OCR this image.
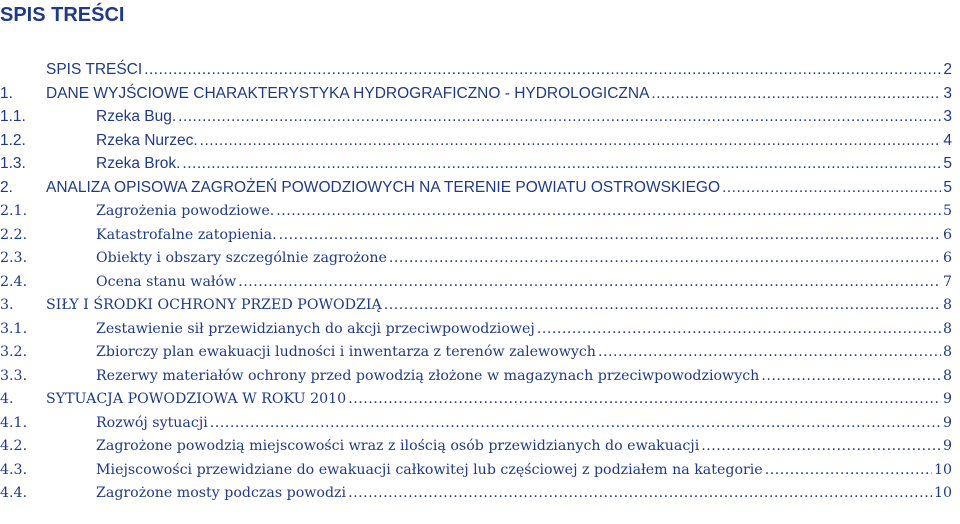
SPIS TREŚCI
SPIS TREŚCI .....	2
1.	DANE WYJŚCIOWE CHARAKTERYSTYKA HYDROGRAFICZNO - HYDROLOGICZNA .....	3
1.1.	Rzeka Bug. .....	3
1.2.	Rzeka Nurzec. .....	4
1.3.	Rzeka Brok. .....	5
2.	ANALIZA OPISOWA ZAGROŻEŃ POWODZIOWYCH NA TERENIE POWIATU OSTROWSKIEGO .....	5
2.1.	Zagrożenia powodziowe. .....	5
2.2.	Katastrofalne zatopienia. .....	6
2.3.	Obiekty i obszary szczególnie zagrożone .....	6
2.4.	Ocena stanu wałów .....	7
3.	SIŁY I ŚRODKI OCHRONY PRZED POWODZIĄ .....	8
3.1.	Zestawienie sił przewidzianych do akcji przeciwpowodziowej .....	8
3.2.	Zbiorczy plan ewakuacji ludności i inwentarza z terenów zalewowych .....	8
3.3.	Rezerwy materiałów ochrony przed powodzią złożone w magazynach przeciwpowodziowych .....	8
4.	SYTUACJA POWODZIOWA W ROKU 2010 .....	9
4.1.	Rozwój sytuacji .....	9
4.2.	Zagrożone powodzią miejscowości wraz z ilością osób przewidzianych do ewakuacji .....	9
4.3.	Miejscowości przewidziane do ewakuacji całkowitej lub częściowej z podziałem na kategorie .....	10
4.4.	Zagrożone mosty podczas powodzi .....	10
